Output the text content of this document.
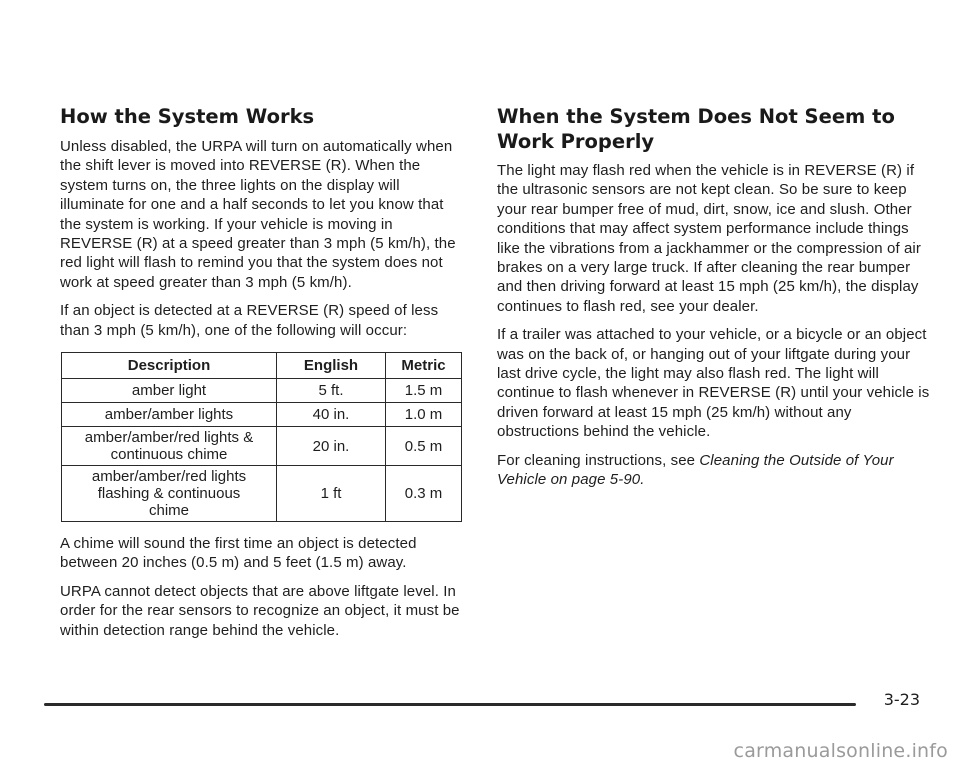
How the System Works

Unless disabled, the URPA will turn on automatically when the shift lever is moved into REVERSE (R). When the system turns on, the three lights on the display will illuminate for one and a half seconds to let you know that the system is working. If your vehicle is moving in REVERSE (R) at a speed greater than 3 mph (5 km/h), the red light will flash to remind you that the system does not work at speed greater than 3 mph (5 km/h).

If an object is detected at a REVERSE (R) speed of less than 3 mph (5 km/h), one of the following will occur:

Description	English	Metric
amber light	5 ft.	1.5 m
amber/amber lights	40 in.	1.0 m
amber/amber/red lights & continuous chime	20 in.	0.5 m
amber/amber/red lights flashing & continuous chime	1 ft	0.3 m

A chime will sound the first time an object is detected between 20 inches (0.5 m) and 5 feet (1.5 m) away.

URPA cannot detect objects that are above liftgate level. In order for the rear sensors to recognize an object, it must be within detection range behind the vehicle.

When the System Does Not Seem to Work Properly

The light may flash red when the vehicle is in REVERSE (R) if the ultrasonic sensors are not kept clean. So be sure to keep your rear bumper free of mud, dirt, snow, ice and slush. Other conditions that may affect system performance include things like the vibrations from a jackhammer or the compression of air brakes on a very large truck. If after cleaning the rear bumper and then driving forward at least 15 mph (25 km/h), the display continues to flash red, see your dealer.

If a trailer was attached to your vehicle, or a bicycle or an object was on the back of, or hanging out of your liftgate during your last drive cycle, the light may also flash red. The light will continue to flash whenever in REVERSE (R) until your vehicle is driven forward at least 15 mph (25 km/h) without any obstructions behind the vehicle.

For cleaning instructions, see Cleaning the Outside of Your Vehicle on page 5-90.

3-23
carmanualsonline.info
